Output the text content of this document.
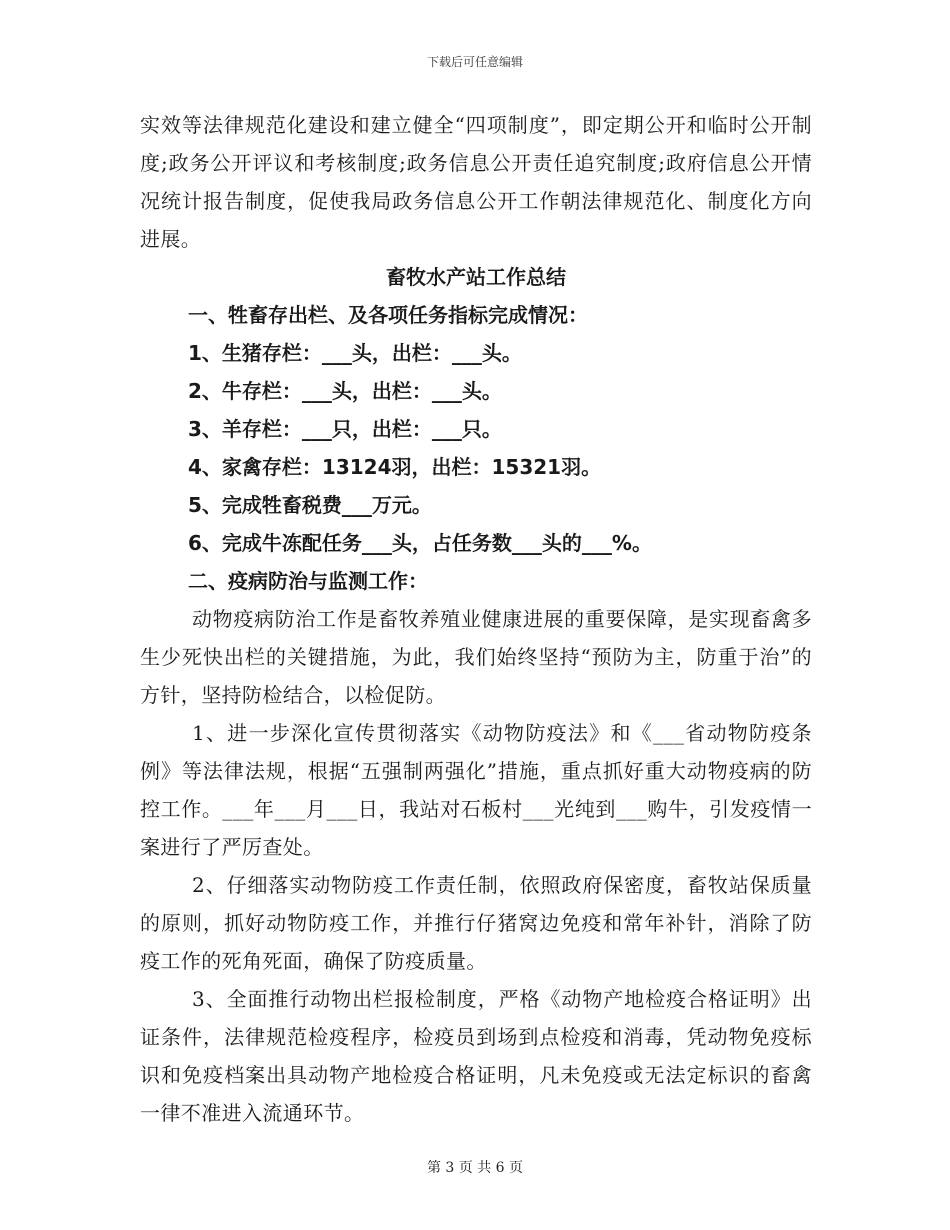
下载后可任意编辑

实效等法律规范化建设和建立健全“四项制度”，即定期公开和临时公开制度;政务公开评议和考核制度;政务信息公开责任追究制度;政府信息公开情况统计报告制度，促使我局政务信息公开工作朝法律规范化、制度化方向进展。

畜牧水产站工作总结

一、牲畜存出栏、及各项任务指标完成情况：

1、生猪存栏：___头，出栏：___头。

2、牛存栏：___头，出栏：___头。

3、羊存栏：___只，出栏：___只。

4、家禽存栏：13124羽，出栏：15321羽。

5、完成牲畜税费___万元。

6、完成牛冻配任务___头，占任务数___头的___%。

二、疫病防治与监测工作：

动物疫病防治工作是畜牧养殖业健康进展的重要保障，是实现畜禽多生少死快出栏的关键措施，为此，我们始终坚持“预防为主，防重于治”的方针，坚持防检结合，以检促防。

1、进一步深化宣传贯彻落实《动物防疫法》和《___省动物防疫条例》等法律法规，根据“五强制两强化”措施，重点抓好重大动物疫病的防控工作。___年___月___日，我站对石板村___光纯到___购牛，引发疫情一案进行了严厉查处。

2、仔细落实动物防疫工作责任制，依照政府保密度，畜牧站保质量的原则，抓好动物防疫工作，并推行仔猪窝边免疫和常年补针，消除了防疫工作的死角死面，确保了防疫质量。

3、全面推行动物出栏报检制度，严格《动物产地检疫合格证明》出证条件，法律规范检疫程序，检疫员到场到点检疫和消毒，凭动物免疫标识和免疫档案出具动物产地检疫合格证明，凡未免疫或无法定标识的畜禽一律不准进入流通环节。

第 3 页 共 6 页
